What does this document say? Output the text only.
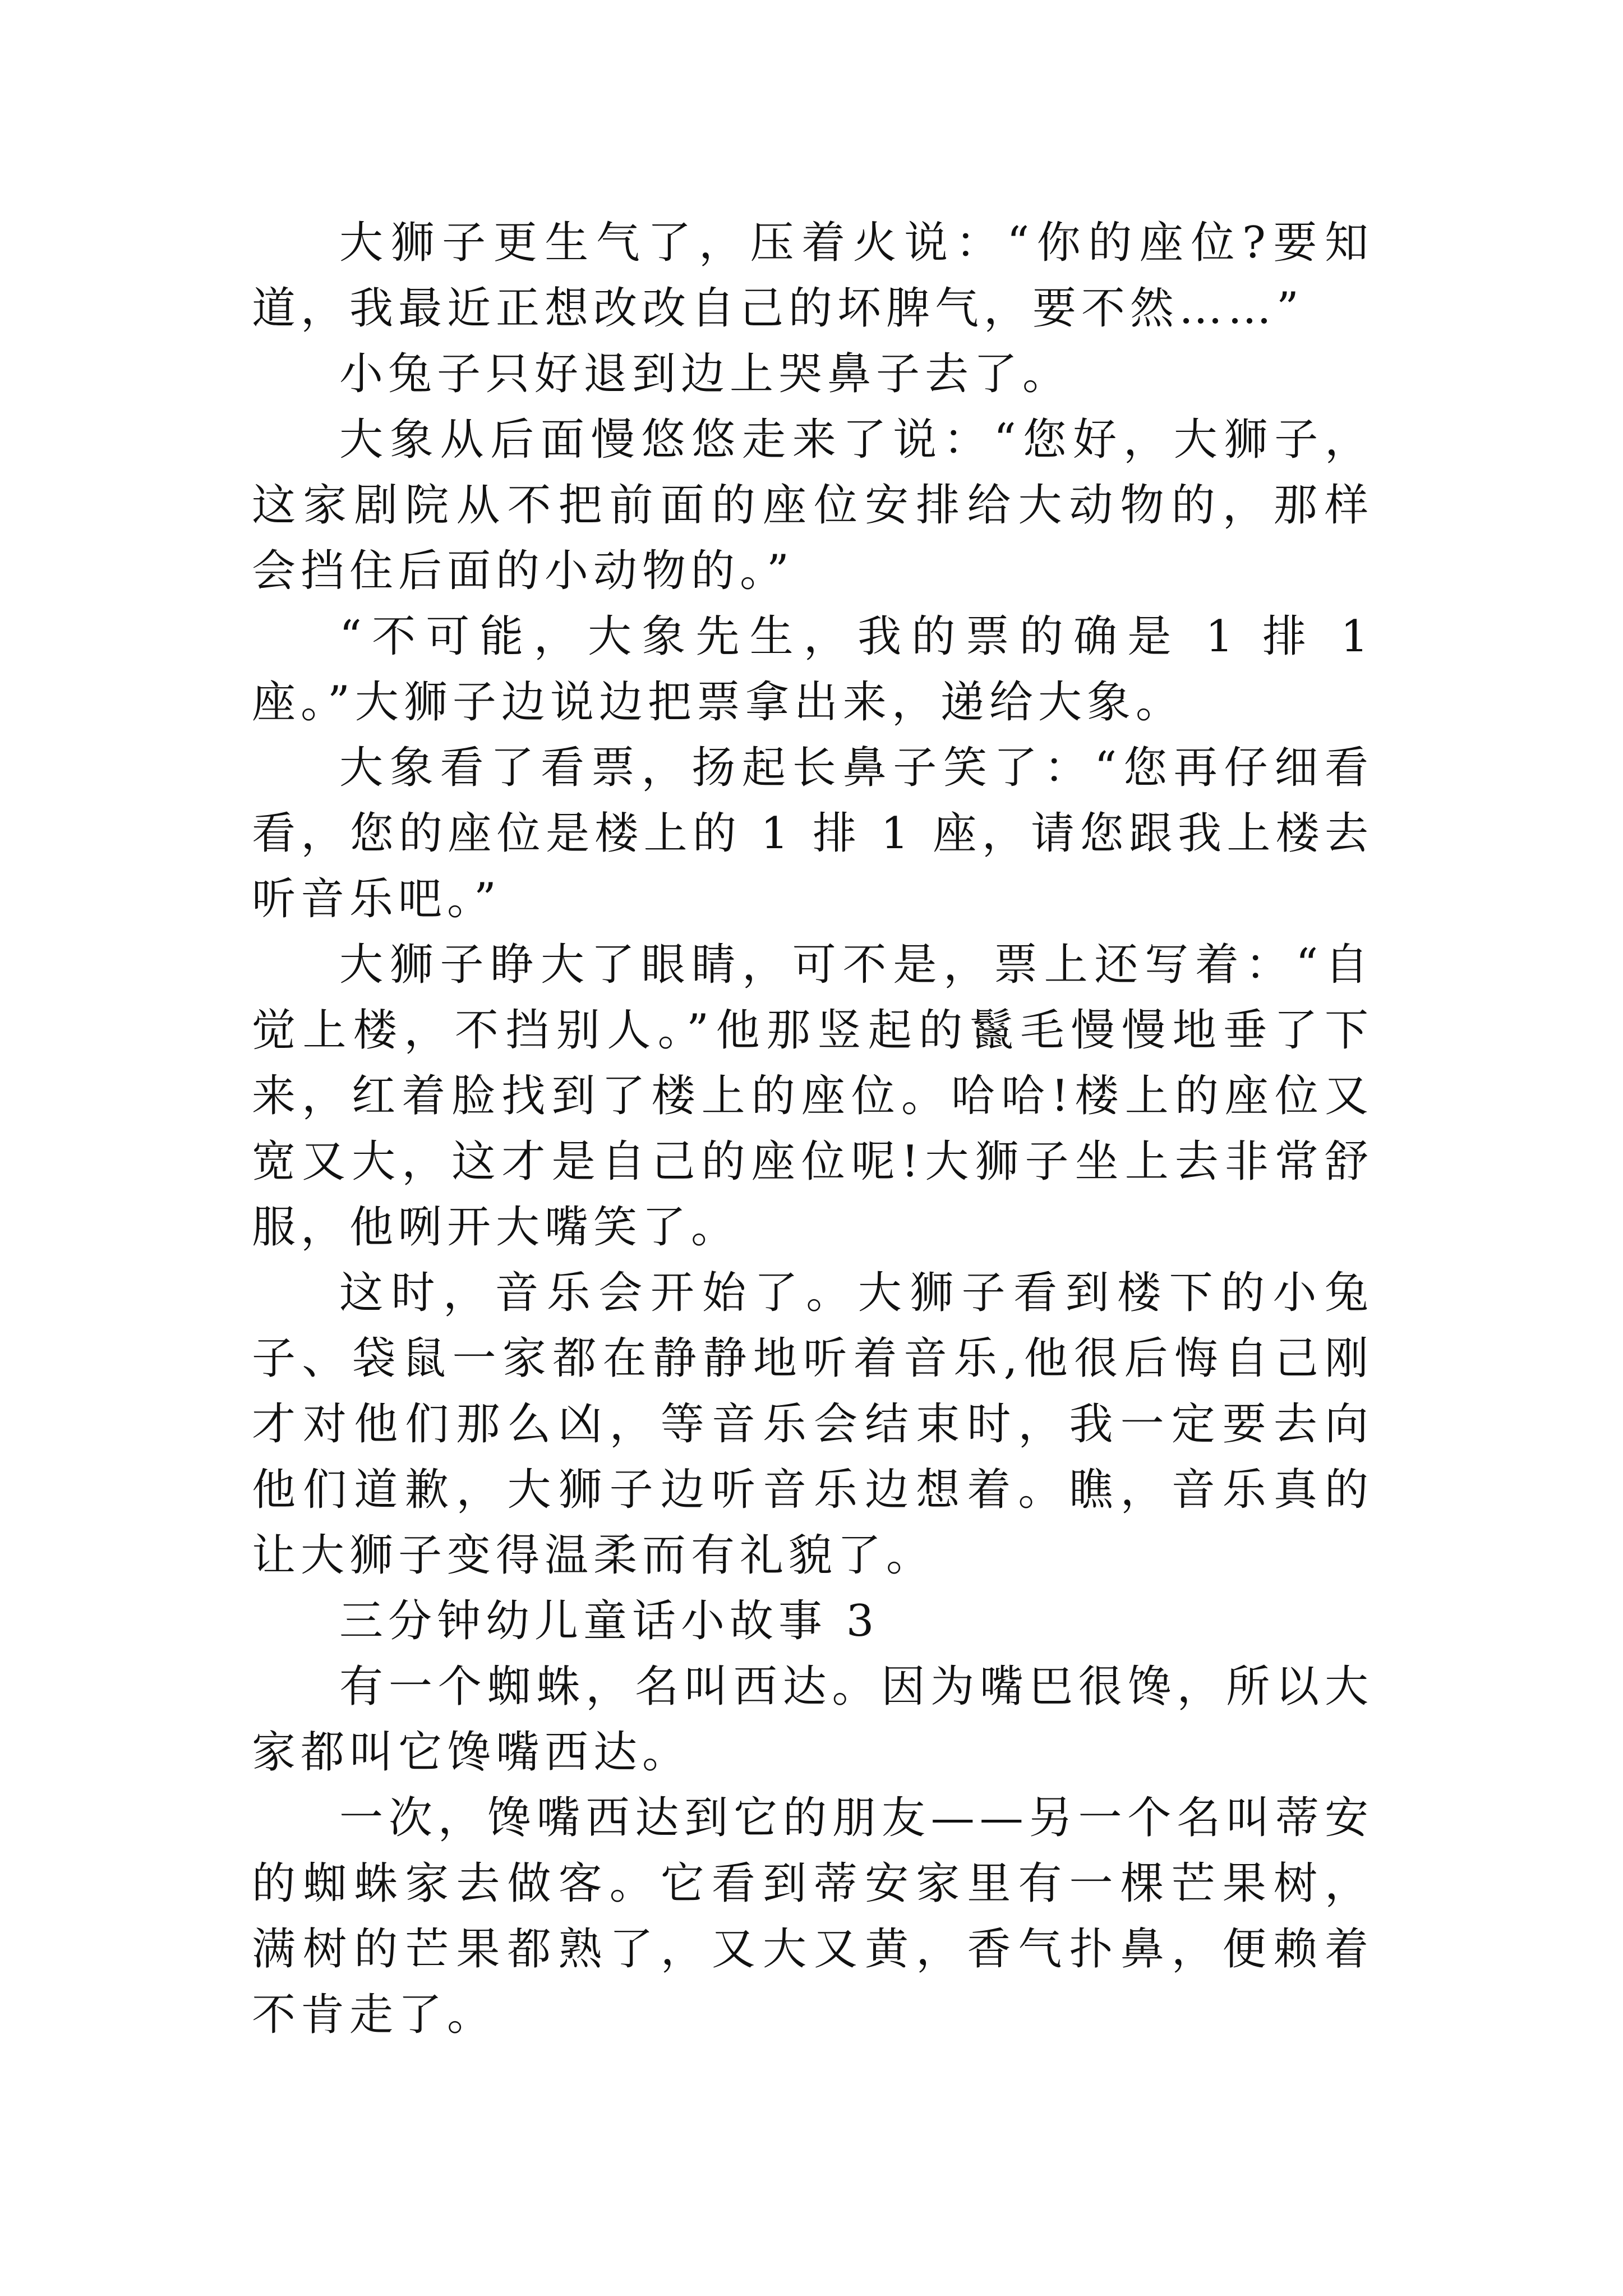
大狮子更生气了，压着火说：“你的座位?要知道，我最近正想改改自己的坏脾气，要不然……”

小兔子只好退到边上哭鼻子去了。

大象从后面慢悠悠走来了说：“您好，大狮子，这家剧院从不把前面的座位安排给大动物的，那样会挡住后面的小动物的。”

“不可能，大象先生，我的票的确是 1 排 1 座。”大狮子边说边把票拿出来，递给大象。

大象看了看票，扬起长鼻子笑了：“您再仔细看看，您的座位是楼上的 1 排 1 座，请您跟我上楼去听音乐吧。”

大狮子睁大了眼睛，可不是，票上还写着：“自觉上楼，不挡别人。”他那竖起的鬣毛慢慢地垂了下来，红着脸找到了楼上的座位。哈哈!楼上的座位又宽又大，这才是自己的座位呢!大狮子坐上去非常舒服，他咧开大嘴笑了。

这时，音乐会开始了。大狮子看到楼下的小兔子、袋鼠一家都在静静地听着音乐,他很后悔自己刚才对他们那么凶，等音乐会结束时，我一定要去向他们道歉，大狮子边听音乐边想着。瞧，音乐真的让大狮子变得温柔而有礼貌了。

三分钟幼儿童话小故事 3

有一个蜘蛛，名叫西达。因为嘴巴很馋，所以大家都叫它馋嘴西达。

一次，馋嘴西达到它的朋友——另一个名叫蒂安的蜘蛛家去做客。它看到蒂安家里有一棵芒果树，满树的芒果都熟了，又大又黄，香气扑鼻，便赖着不肯走了。
